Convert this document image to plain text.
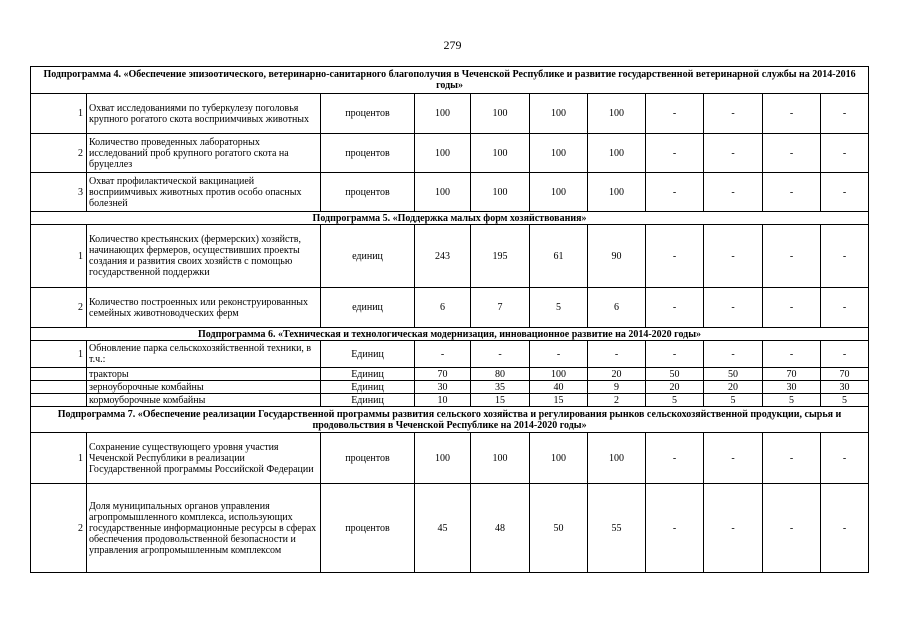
279
Подпрограмма 4. «Обеспечение эпизоотического, ветеринарно-санитарного благополучия в Чеченской Республике и развитие государственной ветеринарной службы на 2014-2016 годы»										
1	Охват исследованиями по туберкулезу поголовья крупного рогатого скота восприимчивых животных	процентов	100	100	100	100	-	-	-	-
2	Количество проведенных лабораторных исследований проб крупного рогатого скота на бруцеллез	процентов	100	100	100	100	-	-	-	-
3	Охват профилактической вакцинацией восприимчивых животных против особо опасных болезней	процентов	100	100	100	100	-	-	-	-
Подпрограмма 5. «Поддержка малых форм хозяйствования»										
1	Количество крестьянских (фермерских) хозяйств, начинающих фермеров, осуществивших проекты создания и развития своих хозяйств с помощью государственной поддержки	единиц	243	195	61	90	-	-	-	-
2	Количество построенных или реконструированных семейных животноводческих ферм	единиц	6	7	5	6	-	-	-	-
Подпрограмма 6. «Техническая и технологическая модернизация, инновационное развитие на 2014-2020 годы»										
1	Обновление парка сельскохозяйственной техники, в т.ч.:	Единиц	-	-	-	-	-	-	-	-
	тракторы	Единиц	70	80	100	20	50	50	70	70
	зерноуборочные комбайны	Единиц	30	35	40	9	20	20	30	30
	кормоуборочные комбайны	Единиц	10	15	15	2	5	5	5	5
Подпрограмма 7. «Обеспечение реализации Государственной программы развития сельского хозяйства и регулирования рынков сельскохозяйственной продукции, сырья и продовольствия в Чеченской Республике на 2014-2020 годы»										
1	Сохранение существующего уровня участия Чеченской Республики в реализации Государственной программы Российской Федерации	процентов	100	100	100	100	-	-	-	-
2	Доля муниципальных органов управления агропромышленного комплекса, использующих государственные информационные ресурсы в сферах обеспечения продовольственной безопасности и управления агропромышленным комплексом	процентов	45	48	50	55	-	-	-	-
